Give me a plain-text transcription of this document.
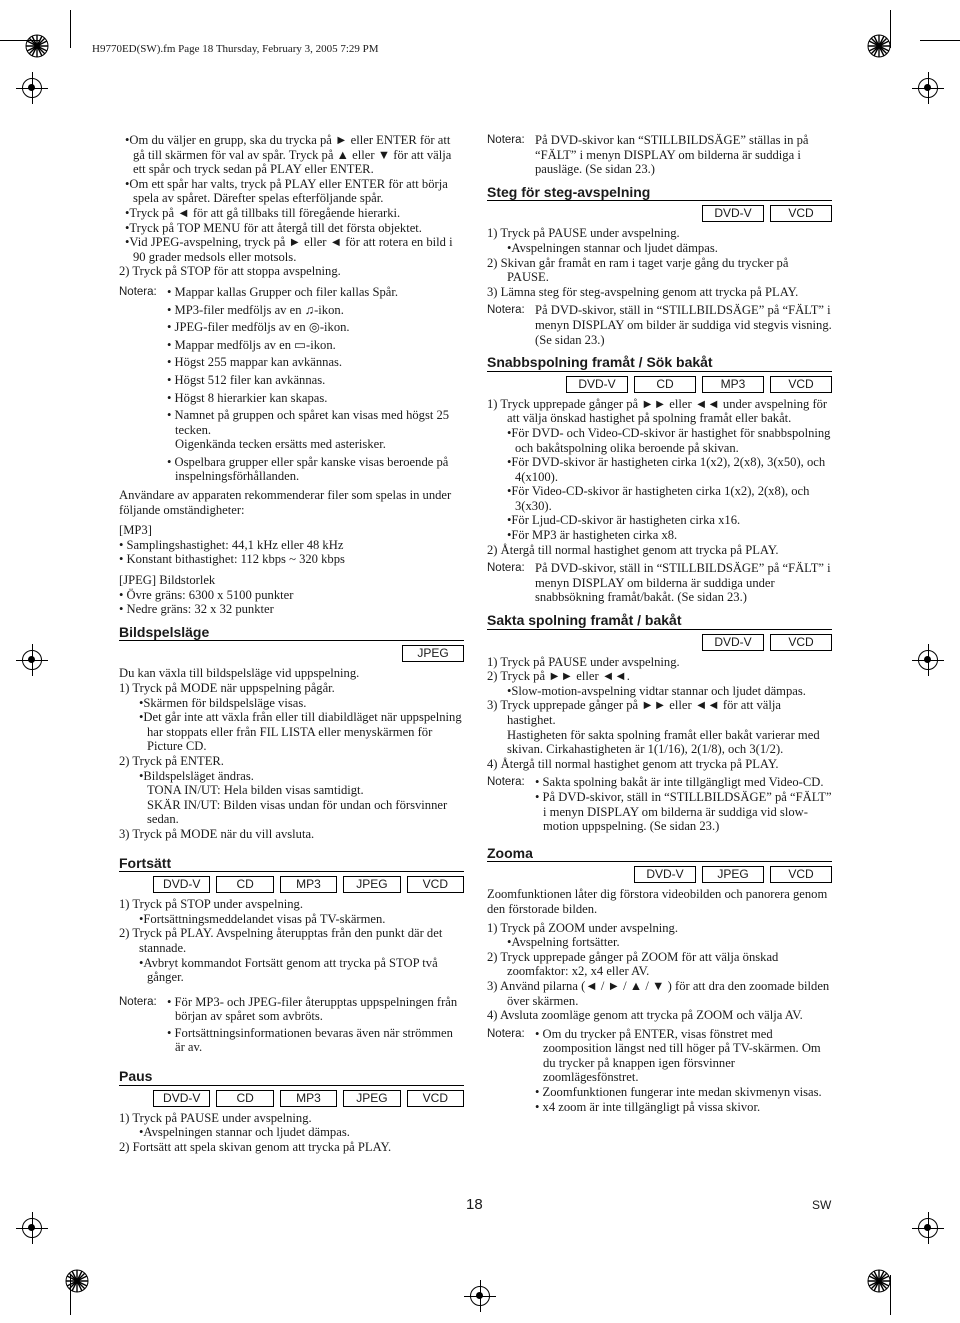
H9770ED(SW).fm Page 18 Thursday, February 3, 2005 7:29 PM

•Om du väljer en grupp, ska du trycka på ► eller ENTER för att gå till skärmen för val av spår. Tryck på ▲ eller ▼ för att välja ett spår och tryck sedan på PLAY eller ENTER.

•Om ett spår har valts, tryck på PLAY eller ENTER för att börja spela av spåret. Därefter spelas efterföljande spår.

•Tryck på ◄ för att gå tillbaks till föregående hierarki.

•Tryck på TOP MENU för att återgå till det första objektet.

•Vid JPEG-avspelning, tryck på ► eller ◄ för att rotera en bild i 90 grader medsols eller motsols.

2) Tryck på STOP för att stoppa avspelning.

Notera: • Mappar kallas Grupper och filer kallas Spår.

• MP3-filer medföljs av en ♫-ikon.

• JPEG-filer medföljs av en ◎-ikon.

• Mappar medföljs av en ▭-ikon.

• Högst 255 mappar kan avkännas.

• Högst 512 filer kan avkännas.

• Högst 8 hierarkier kan skapas.

• Namnet på gruppen och spåret kan visas med högst 25 tecken.

Oigenkända tecken ersätts med asterisker.

• Ospelbara grupper eller spår kanske visas beroende på inspelningsförhållanden.

Användare av apparaten rekommenderar filer som spelas in under följande omständigheter:

[MP3]

• Samplingshastighet: 44,1 kHz eller 48 kHz

• Konstant bithastighet: 112 kbps ~ 320 kbps

[JPEG] Bildstorlek

• Övre gräns: 6300 x 5100 punkter

• Nedre gräns: 32 x 32 punkter

Bildspelsläge
JPEG

Du kan växla till bildspelsläge vid uppspelning.

1) Tryck på MODE när uppspelning pågår.

•Skärmen för bildspelsläge visas.

•Det går inte att växla från eller till diabildläget när uppspelning har stoppats eller från FIL LISTA eller menyskärmen för Picture CD.

2) Tryck på ENTER.

•Bildspelsläget ändras.

TONA IN/UT: Hela bilden visas samtidigt.

SKÄR IN/UT: Bilden visas undan för undan och försvinner sedan.

3) Tryck på MODE när du vill avsluta.

Fortsätt
DVD-V	CD	MP3	JPEG	VCD

1) Tryck på STOP under avspelning.

•Fortsättningsmeddelandet visas på TV-skärmen.

2) Tryck på PLAY. Avspelning återupptas från den punkt där det stannade.

•Avbryt kommandot Fortsätt genom att trycka på STOP två gånger.

Notera: • För MP3- och JPEG-filer återupptas uppspelningen från början av spåret som avbröts.

• Fortsättningsinformationen bevaras även när strömmen är av.

Paus
DVD-V	CD	MP3	JPEG	VCD

1) Tryck på PAUSE under avspelning.

•Avspelningen stannar och ljudet dämpas.

2) Fortsätt att spela skivan genom att trycka på PLAY.

Notera: På DVD-skivor kan “STILLBILDSÄGE” ställas in på “FÄLT” i menyn DISPLAY om bilderna är suddiga i pausläge. (Se sidan 23.)
Steg för steg-avspelning
DVD-V	VCD

1) Tryck på PAUSE under avspelning.

•Avspelningen stannar och ljudet dämpas.

2) Skivan går framåt en ram i taget varje gång du trycker på PAUSE.

3) Lämna steg för steg-avspelning genom att trycka på PLAY.

Notera: På DVD-skivor, ställ in “STILLBILDSÄGE” på “FÄLT” i menyn DISPLAY om bilder är suddiga vid stegvis visning. (Se sidan 23.)
Snabbspolning framåt / Sök bakåt
DVD-V	CD	MP3	VCD

1) Tryck upprepade gånger på ►► eller ◄◄ under avspelning för att välja önskad hastighet på spolning framåt eller bakåt.

•För DVD- och Video-CD-skivor är hastighet för snabbspolning och bakåtspolning olika beroende på skivan.

•För DVD-skivor är hastigheten cirka 1(x2), 2(x8), 3(x50), och 4(x100).

•För Video-CD-skivor är hastigheten cirka 1(x2), 2(x8), och 3(x30).

•För Ljud-CD-skivor är hastigheten cirka x16.

•För MP3 är hastigheten cirka x8.

2) Återgå till normal hastighet genom att trycka på PLAY.

Notera: På DVD-skivor, ställ in “STILLBILDSÄGE” på “FÄLT” i menyn DISPLAY om bilderna är suddiga under snabbsökning framåt/bakåt. (Se sidan 23.)
Sakta spolning framåt / bakåt
DVD-V	VCD

1) Tryck på PAUSE under avspelning.

2) Tryck på ►► eller ◄◄.

•Slow-motion-avspelning vidtar stannar och ljudet dämpas.

3) Tryck upprepade gånger på ►► eller ◄◄ för att välja hastighet.

Hastigheten för sakta spolning framåt eller bakåt varierar med skivan. Cirkahastigheten är 1(1/16), 2(1/8), och 3(1/2).

4) Återgå till normal hastighet genom att trycka på PLAY.

Notera: • Sakta spolning bakåt är inte tillgängligt med Video-CD.

• På DVD-skivor, ställ in “STILLBILDSÄGE” på “FÄLT” i menyn DISPLAY om bilderna är suddiga vid slow-motion uppspelning. (Se sidan 23.)

Zooma
DVD-V	JPEG	VCD

Zoomfunktionen låter dig förstora videobilden och panorera genom den förstorade bilden.

1) Tryck på ZOOM under avspelning.

•Avspelning fortsätter.

2) Tryck upprepade gånger på ZOOM för att välja önskad zoomfaktor: x2, x4 eller AV.

3) Använd pilarna (◄ / ► / ▲ / ▼ ) för att dra den zoomade bilden över skärmen.

4) Avsluta zoomläge genom att trycka på ZOOM och välja AV.

Notera: • Om du trycker på ENTER, visas fönstret med zoomposition längst ned till höger på TV-skärmen. Om du trycker på knappen igen försvinner zoomlägesfönstret.

• Zoomfunktionen fungerar inte medan skivmenyn visas.

• x4 zoom är inte tillgängligt på vissa skivor.

18	SW
